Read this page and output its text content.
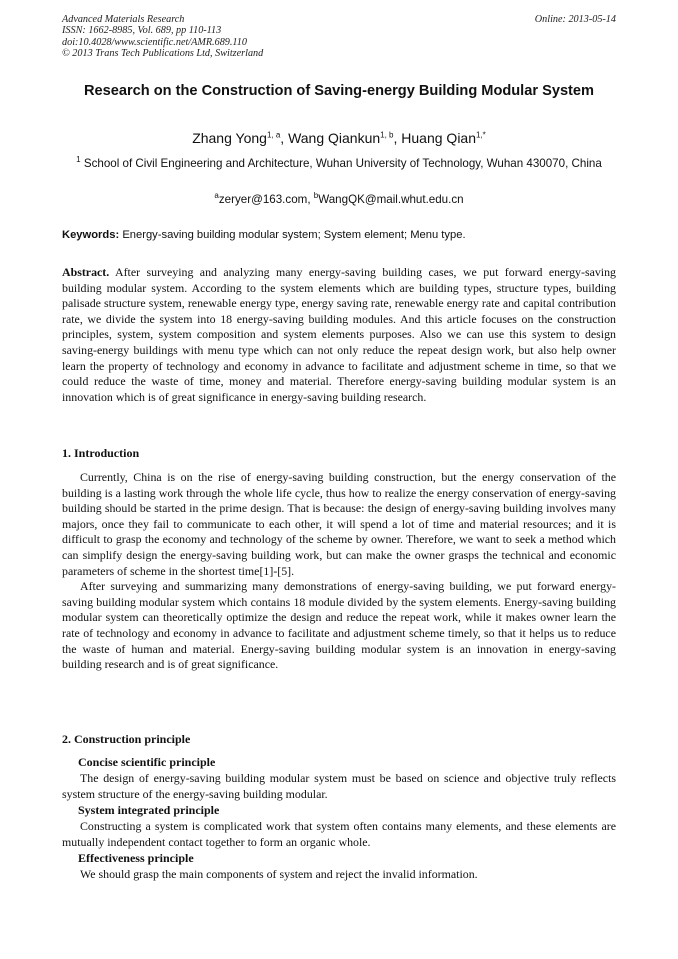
Advanced Materials Research
ISSN: 1662-8985, Vol. 689, pp 110-113
doi:10.4028/www.scientific.net/AMR.689.110
© 2013 Trans Tech Publications Ltd, Switzerland
Online: 2013-05-14
Research on the Construction of Saving-energy Building Modular System
Zhang Yong$^{1, a}$, Wang Qiankun$^{1, b}$, Huang Qian$^{1,*}$
$^1$ School of Civil Engineering and Architecture, Wuhan University of Technology, Wuhan 430070, China
$^a$zeryer@163.com, $^b$WangQK@mail.whut.edu.cn
Keywords: Energy-saving building modular system; System element; Menu type.
Abstract. After surveying and analyzing many energy-saving building cases, we put forward energy-saving building modular system. According to the system elements which are building types, structure types, building palisade structure system, renewable energy type, energy saving rate, renewable energy rate and capital contribution rate, we divide the system into 18 energy-saving building modules. And this article focuses on the construction principles, system, system composition and system elements purposes. Also we can use this system to design saving-energy buildings with menu type which can not only reduce the repeat design work, but also help owner learn the property of technology and economy in advance to facilitate and adjustment scheme in time, so that we could reduce the waste of time, money and material. Therefore energy-saving building modular system is an innovation which is of great significance in energy-saving building research.
1. Introduction

Currently, China is on the rise of energy-saving building construction, but the energy conservation of the building is a lasting work through the whole life cycle, thus how to realize the energy conservation of energy-saving building should be started in the prime design. That is because: the design of energy-saving building involves many majors, once they fail to communicate to each other, it will spend a lot of time and material resources; and it is difficult to grasp the economy and technology of the scheme by owner. Therefore, we want to seek a method which can simplify design the energy-saving building work, but can make the owner grasps the technical and economic parameters of scheme in the shortest time[1]-[5].

After surveying and summarizing many demonstrations of energy-saving building, we put forward energy-saving building modular system which contains 18 module divided by the system elements. Energy-saving building modular system can theoretically optimize the design and reduce the repeat work, while it makes owner learn the rate of technology and economy in advance to facilitate and adjustment scheme timely, so that it helps us to reduce the waste of human and material. Energy-saving building modular system is an innovation in energy-saving building research and is of great significance.

2. Construction principle
Concise scientific principle

The design of energy-saving building modular system must be based on science and objective truly reflects system structure of the energy-saving building modular.

System integrated principle

Constructing a system is complicated work that system often contains many elements, and these elements are mutually independent contact together to form an organic whole.

Effectiveness principle

We should grasp the main components of system and reject the invalid information.
